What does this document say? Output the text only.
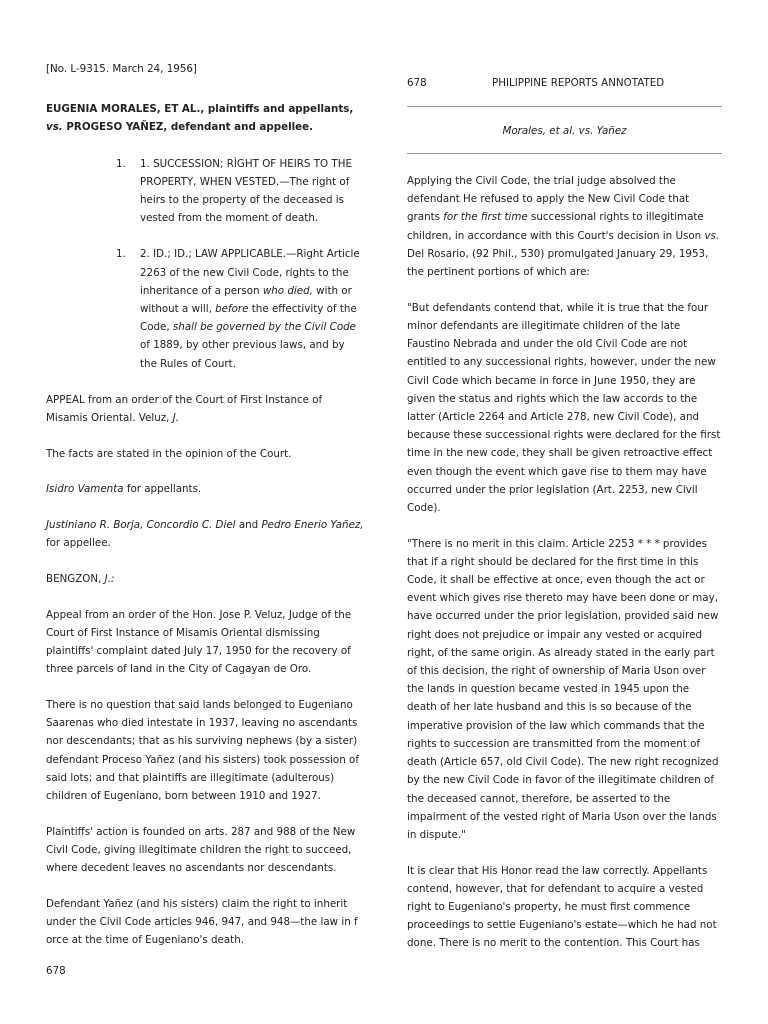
[No. L-9315. March 24, 1956]

EUGENIA MORALES, ET AL., plaintiffs and appellants,
vs. PROGESO YAÑEZ, defendant and appellee.

1. 1. SUCCESSION; RÌGHT OF HEIRS TO THE PROPERTY, WHEN VESTED.—The right of heirs to the property of the deceased is vested from the moment of death.
1. 2. ID.; ID.; LAW APPLICABLE.—Right Article 2263 of the new Civil Code, rights to the inheritance of a person who died, with or without a will, before the effectivity of the Code, shall be governed by the Civil Code of 1889, by other previous laws, and by the Rules of Court.

APPEAL from an order of the Court of First Instance of Misamis Oriental. Veluz, J.

The facts are stated in the opinion of the Court.

Isidro Vamenta for appellants.

Justiniano R. Borja, Concordio C. Diel and Pedro Enerio Yañez, for appellee.

BENGZON, J.:

Appeal from an order of the Hon. Jose P. Veluz, Judge of the Court of First Instance of Misamis Oriental dismissing plaintiffs' complaint dated July 17, 1950 for the recovery of three parcels of land in the City of Cagayan de Oro.

There is no question that said lands belonged to Eugeniano Saarenas who died intestate in 1937, leaving no ascendants nor descendants; that as his surviving nephews (by a sister) defendant Proceso Yañez (and his sisters) took possession of said lots; and that plaintiffs are illegitimate (adulterous) children of Eugeniano, born between 1910 and 1927.

Plaintiffs' action is founded on arts. 287 and 988 of the New Civil Code, giving illegitimate children the right to succeed, where decedent leaves no ascendants nor descendants.

Defendant Yañez (and his sisters) claim the right to inherit under the Civil Code articles 946, 947, and 948—the law in f orce at the time of Eugeniano's death.

678

678	PHILIPPINE REPORTS ANNOTATED

Morales, et al. vs. Yañez

Applying the Civil Code, the trial judge absolved the defendant He refused to apply the New Civil Code that grants for the first time successional rights to illegitimate children, in accordance with this Court's decision in Uson vs. Del Rosario, (92 Phil., 530) promulgated January 29, 1953, the pertinent portions of which are:

"But defendants contend that, while it is true that the four minor defendants are illegitimate children of the late Faustino Nebrada and under the old Civil Code are not entitled to any successional rights, however, under the new Civil Code which became in force in June 1950, they are given the status and rights which the law accords to the latter (Article 2264 and Article 278, new Civil Code), and because these successional rights were declared for the first time in the new code, they shall be given retroactive effect even though the event which gave rise to them may have occurred under the prior legislation (Art. 2253, new Civil Code).

"There is no merit in this claim. Article 2253 * * * provides that if a right should be declared for the first time in this Code, it shall be effective at once, even though the act or event which gives rise thereto may have been done or may, have occurred under the prior legislation, provided said new right does not prejudice or impair any vested or acquired right, of the same origin. As already stated in the early part of this decision, the right of ownership of Maria Uson over the lands in question became vested in 1945 upon the death of her late husband and this is so because of the imperative provision of the law which commands that the rights to succession are transmitted from the moment of death (Article 657, old Civil Code). The new right recognized by the new Civil Code in favor of the illegitimate children of the deceased cannot, therefore, be asserted to the impairment of the vested right of Maria Uson over the lands in dispute."

It is clear that His Honor read the law correctly. Appellants contend, however, that for defendant to acquire a vested right to Eugeniano's property, he must first commence proceedings to settle Eugeniano's estate—which he had not done. There is no merit to the contention. This Court has
